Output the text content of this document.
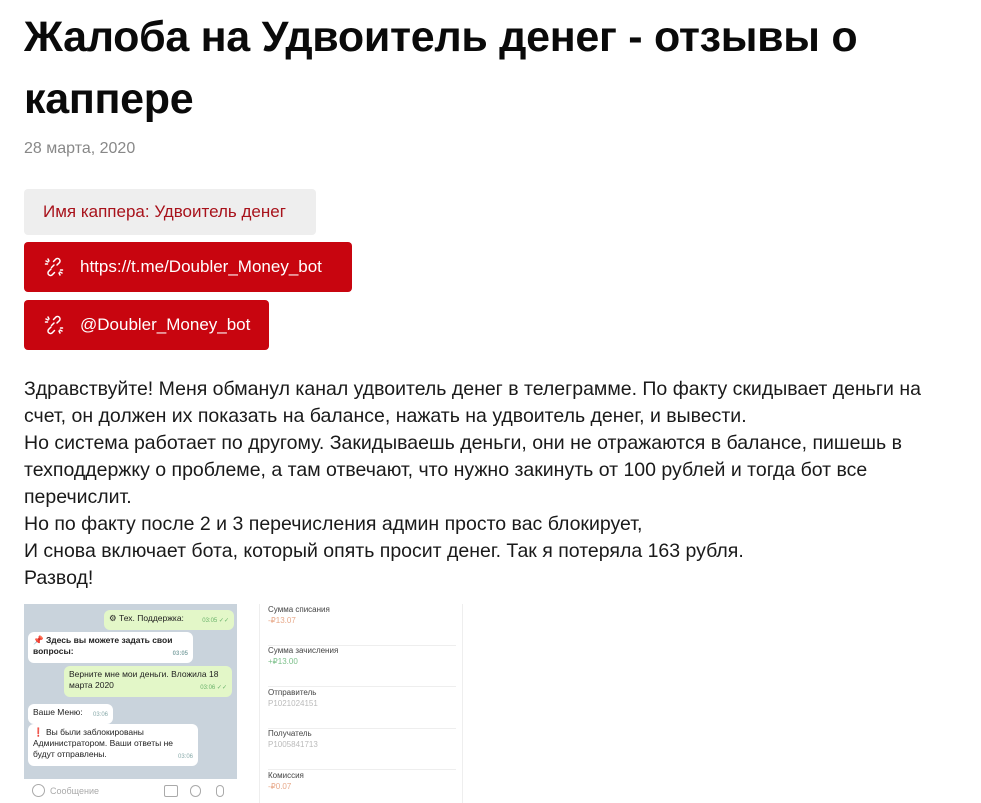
Жалоба на Удвоитель денег - отзывы о каппере
28 марта, 2020
Имя каппера: Удвоитель денег
https://t.me/Doubler_Money_bot
@Doubler_Money_bot

Здравствуйте! Меня обманул канал удвоитель денег в телеграмме. По факту скидывает деньги на счет, он должен их показать на балансе, нажать на удвоитель денег, и вывести.

Но система работает по другому. Закидываешь деньги, они не отражаются в балансе, пишешь в техподдержку о проблеме, а там отвечают, что нужно закинуть от 100 рублей и тогда бот все перечислит.

Но по факту после 2 и 3 перечисления админ просто вас блокирует,

И снова включает бота, который опять просит денег. Так я потеряла 163 рубля.

Развод!

⚙ Тех. Поддержка:	03:05 ✓✓
📌 Здесь вы можете задать свои вопросы:	03:05
Верните мне мои деньги. Вложила 18 марта 2020	03:06 ✓✓
Ваше Меню: 03:06
❗ Вы были заблокированы Администратором. Ваши ответы не будут отправлены.	03:06
Сообщение
Сумма списания
-₽13.07
Сумма зачисления
+₽13.00
Отправитель
P1021024151
Получатель
P1005841713
Комиссия
-₽0.07
